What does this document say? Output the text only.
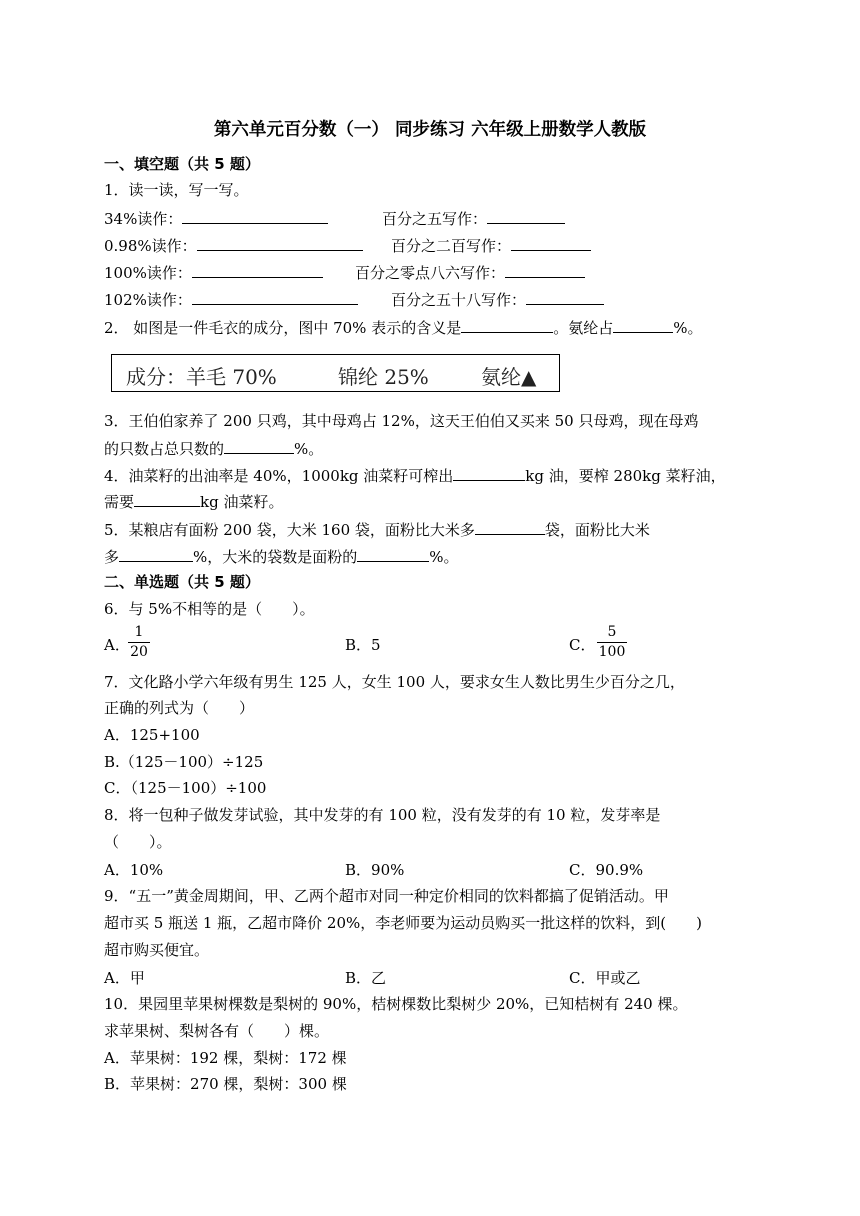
第六单元百分数（一） 同步练习 六年级上册数学人教版
一、填空题（共 5 题）
1．读一读，写一写。
34%读作：	百分之五写作：
0.98%读作：	百分之二百写作：
100%读作：	百分之零点八六写作：
102%读作：	百分之五十八写作：
2． 如图是一件毛衣的成分，图中 70% 表示的含义是	。氨纶占	%。
成分：羊毛 70%	锦纶 25%	氨纶▲
3．王伯伯家养了 200 只鸡，其中母鸡占 12%，这天王伯伯又买来 50 只母鸡，现在母鸡
的只数占总只数的	%。
4．油菜籽的出油率是 40%，1000kg 油菜籽可榨出	kg 油，要榨 280kg 菜籽油，
需要	kg 油菜籽。
5．某粮店有面粉 200 袋，大米 160 袋，面粉比大米多	袋，面粉比大米
多	%，大米的袋数是面粉的	%。
二、单选题（共 5 题）
6．与 5%不相等的是（　　）。
A．
1
20	B．5	C．
5
100
7．文化路小学六年级有男生 125 人，女生 100 人，要求女生人数比男生少百分之几，
正确的列式为（　　）
A．125+100
B.（125－100）÷125
C．（125－100）÷100
8．将一包种子做发芽试验，其中发芽的有 100 粒，没有发芽的有 10 粒，发芽率是
（　　）。
A．10%	B．90%	C．90.9%
9．“五一”黄金周期间，甲、乙两个超市对同一种定价相同的饮料都搞了促销活动。甲
超市买 5 瓶送 1 瓶，乙超市降价 20%，李老师要为运动员购买一批这样的饮料，到(　　)
超市购买便宜。
A．甲	B．乙	C．甲或乙
10．果园里苹果树棵数是梨树的 90%，桔树棵数比梨树少 20%，已知桔树有 240 棵。
求苹果树、梨树各有（　　）棵。
A．苹果树：192 棵，梨树：172 棵
B．苹果树：270 棵，梨树：300 棵
